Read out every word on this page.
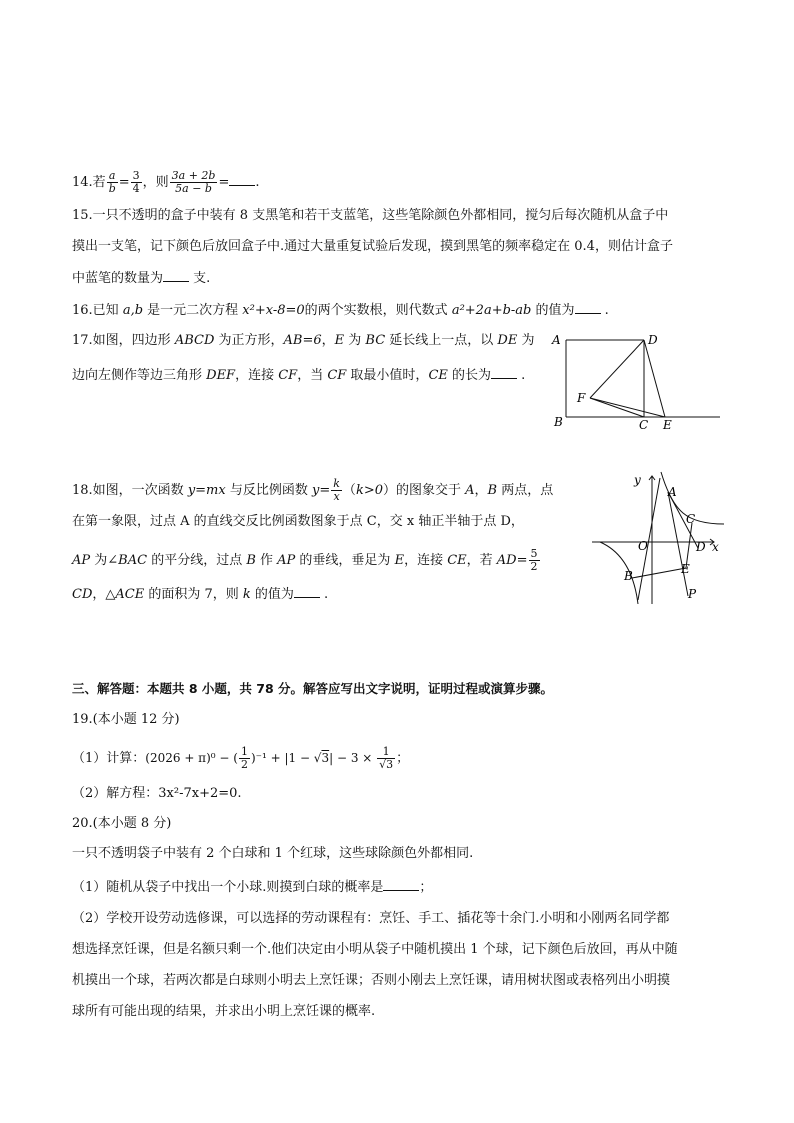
14.若 $\frac{a}{b} = \frac{3}{4}$ ，则 $\frac{3a + 2b}{5a - b}$ = .
15.一只不透明的盒子中装有 8 支黑笔和若干支蓝笔，这些笔除颜色外都相同，搅匀后每次随机从盒子中
摸出一支笔，记下颜色后放回盒子中.通过大量重复试验后发现，摸到黑笔的频率稳定在 0.4，则估计盒子
中蓝笔的数量为 支.
16.已知 a,b 是一元二次方程 x²+x-8=0的两个实数根，则代数式 a²+2a+b-ab 的值为 .
17.如图，四边形 ABCD 为正方形，AB=6，E 为 BC 延长线上一点，以 DE 为
边向左侧作等边三角形 DEF，连接 CF，当 CF 取最小值时，CE 的长为 .
A	D
F
B	C E
18.如图，一次函数 y=mx 与反比例函数 $y= \frac{k}{x} (k>0)$的图象交于 A，B 两点，点
在第一象限，过点 A 的直线交反比例函数图象于点 C，交 x 轴正半轴于点 D，
AP 为∠BAC 的平分线，过点 B 作 AP 的垂线，垂足为 E，连接 CE，若 $AD= \frac{5}{2}$
CD，△ACE 的面积为 7，则 k 的值为 .
y
x
A
C
O	D
B	E
P
三、解答题：本题共 8 小题，共 78 分。解答应写出文字说明，证明过程或演算步骤。
19.(本小题 12 分)
（1）计算：(2026 + π)⁰ − ( $\frac{1}{2} )^{-1} + |1 - √3| - 3 \times \frac{1}{√3}$ ；
（2）解方程：3x²-7x+2=0.
20.(本小题 8 分)
一只不透明袋子中装有 2 个白球和 1 个红球，这些球除颜色外都相同.
（1）随机从袋子中找出一个小球.则摸到白球的概率是	；
（2）学校开设劳动选修课，可以选择的劳动课程有：烹饪、手工、插花等十余门.小明和小刚两名同学都
想选择烹饪课，但是名额只剩一个.他们决定由小明从袋子中随机摸出 1 个球，记下颜色后放回，再从中随
机摸出一个球，若两次都是白球则小明去上烹饪课；否则小刚去上烹饪课，请用树状图或表格列出小明摸
球所有可能出现的结果，并求出小明上烹饪课的概率.
